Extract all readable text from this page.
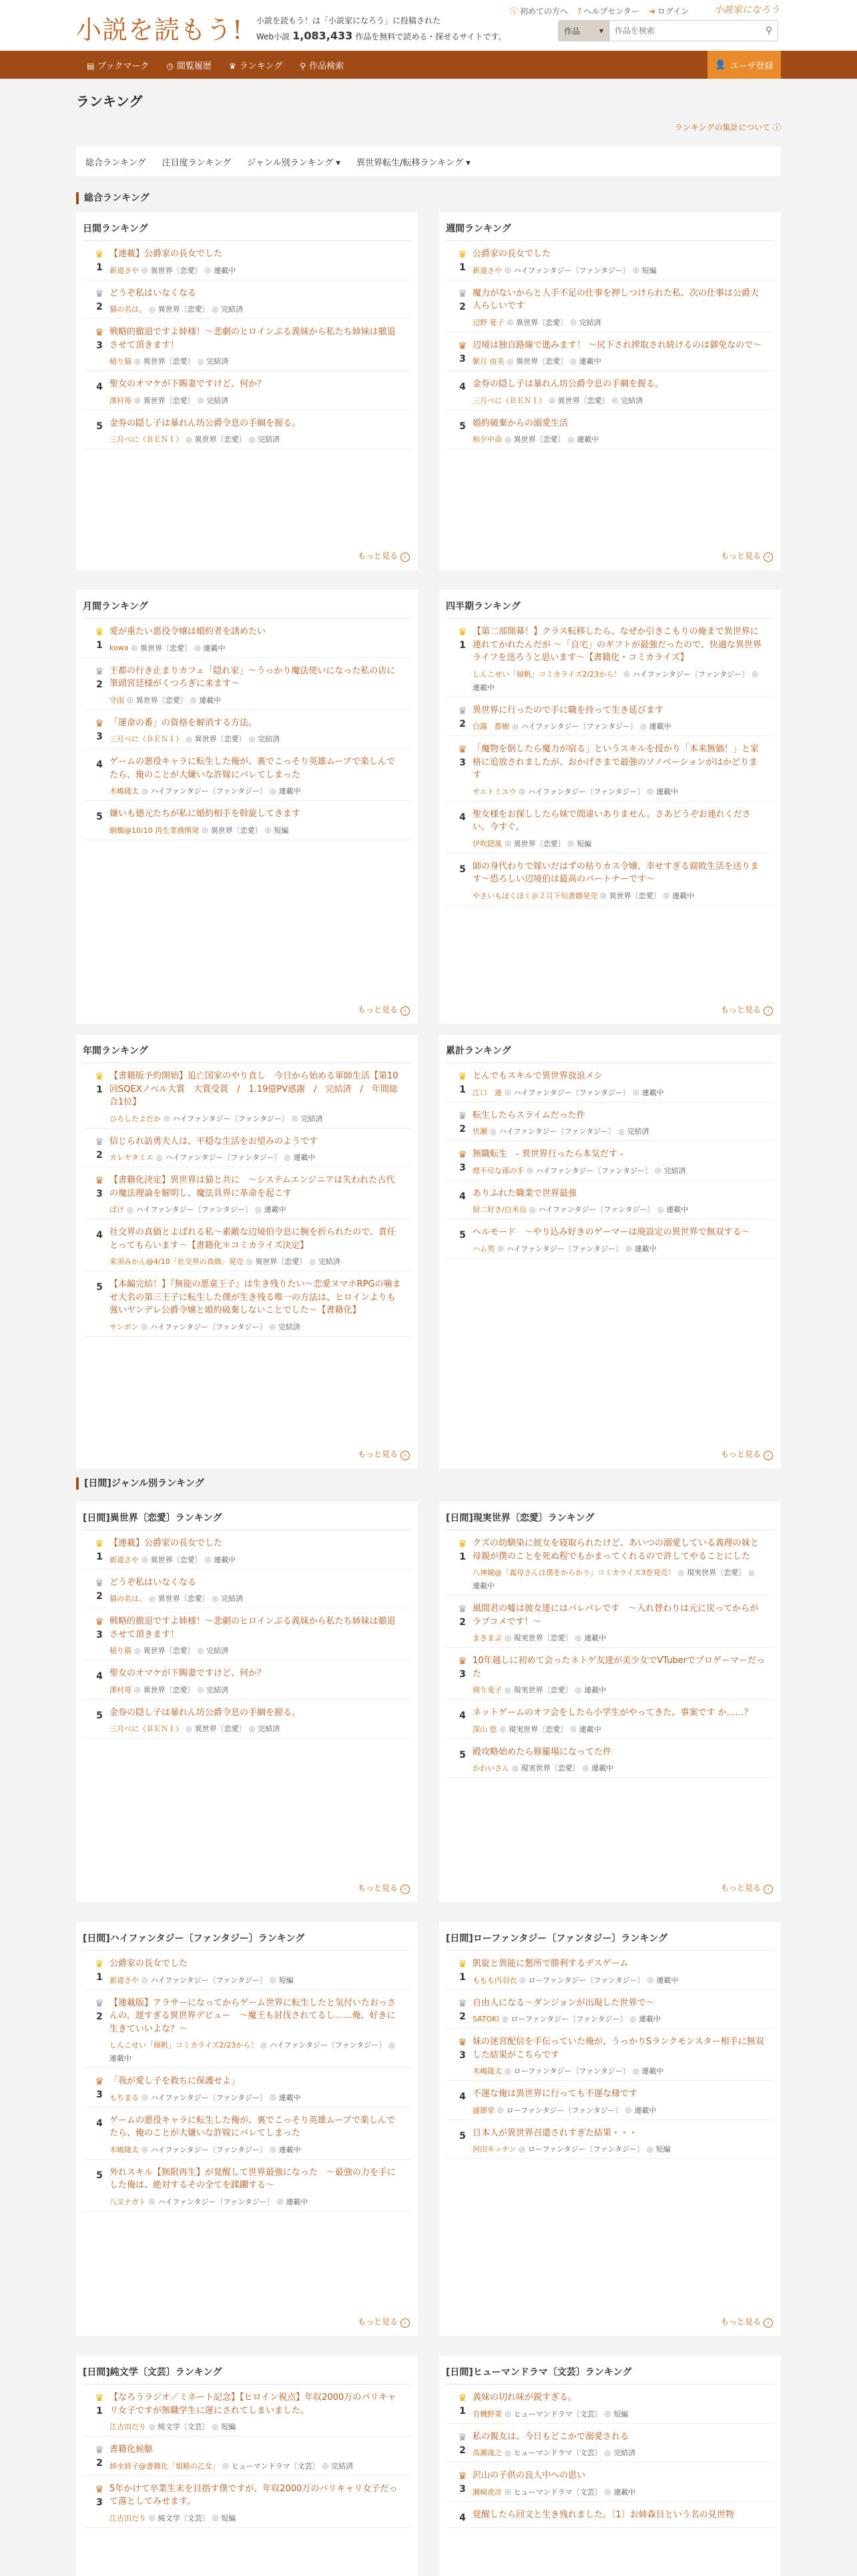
小説を読もう! 小説を読もう！は「小説家になろう」に投稿された
Web小説 1,083,433 作品を無料で読める・探せるサイトです。
ⓘ 初めての方へ ? ヘルプセンター ➜ ログイン	小説家になろう
作品 ▾
作品を検索	⚲
▤ ブックマーク ◷ 閲覧履歴 ♛ ランキング ⚲ 作品検索	👤 ユーザ登録
ランキング
ランキングの集計について ⓘ
総合ランキング 注目度ランキング ジャンル別ランキング ▾ 異世界転生/転移ランキング ▾
総合ランキング
[日間]ジャンル別ランキング
日間ランキング
♛
1
【連載】公爵家の長女でした
新道さや ◎ 異世界〔恋愛〕 ◎ 連載中
♛
2
どうぞ私はいなくなる
猫の名は。 ◎ 異世界〔恋愛〕 ◎ 完結済
♛
3
戦略的撤退ですよ姉様！〜悲劇のヒロインぶる義妹から私たち姉妹は撤退させて頂きます！
稲り猫 ◎ 異世界〔恋愛〕 ◎ 完結済
4 聖女のオマケが下賜妻ですけど、何か？
澤村苺 ◎ 異世界〔恋愛〕 ◎ 完結済
5 金券の隠し子は暴れん坊公爵令息の手綱を握る。
三月べに（ＢＥＮＩ） ◎ 異世界〔恋愛〕 ◎ 完結済
もっと見る ›
週間ランキング
♛
1
公爵家の長女でした
新道さや ◎ ハイファンタジー〔ファンタジー〕 ◎ 短編
♛
2
魔力がないからと人手不足の仕事を押しつけられた私、次の仕事は公爵夫人らしいです
辺野 夏子 ◎ 異世界〔恋愛〕 ◎ 完結済
♛
3
辺境は独自路線で進みます！ 〜尻下され搾取され続けるのは御免なので〜
紫月 由美 ◎ 異世界〔恋愛〕 ◎ 連載中
4 金券の隠し子は暴れん坊公爵令息の手綱を握る。
三月べに（ＢＥＮＩ） ◎ 異世界〔恋愛〕 ◎ 完結済
5 婚約破棄からの溺愛生活
和夕中命 ◎ 異世界〔恋愛〕 ◎ 連載中
もっと見る ›
月間ランキング
♛
1
愛が重たい悪役令嬢は婚約者を誘めたい
kowa ◎ 異世界〔恋愛〕 ◎ 連載中
♛
2
王都の行き止まりカフェ「隠れ家」〜うっかり魔法使いになった私の店に筆頭宮廷様がくつろぎに来ます〜
守雨 ◎ 異世界〔恋愛〕 ◎ 連載中
♛
3
「運命の番」の資格を解消する方法。
三月べに（ＢＥＮＩ） ◎ 異世界〔恋愛〕 ◎ 完結済
4 ゲームの悪役キャラに転生した俺が、裏でこっそり英雄ムーブで楽しんでたら、俺のことが大嫌いな許嫁にバレてしまった
木嶋隆太 ◎ ハイファンタジー〔ファンタジー〕 ◎ 連載中
5 嫌いも徳元たちが私に婚約相手を斡旋してきます
網蜘@10/10 再生業務開発 ◎ 異世界〔恋愛〕 ◎ 短編
もっと見る ›
四半期ランキング
♛
1
【第二部開幕！】クラス転移したら、なぜか引きこもりの俺まで異世界に連れてかれたんだが 〜「自宅」のギフトが最強だったので、快適な異世界ライフを送ろうと思います〜【書籍化・コミカライズ】
しんこせい「傾帆」コミカライズ2/23から！ ◎ ハイファンタジー〔ファンタジー〕 ◎
連載中
♛
2
異世界に行ったので手に職を持って生き延びます
白露　都樹 ◎ ハイファンタジー〔ファンタジー〕 ◎ 連載中
♛
3
「魔物を倒したら魔力が宿る」というスキルを授かり「本来無価！」と家格に追放されましたが、おかげさまで最強のソノベーションがはかどります
サエトミユウ ◎ ハイファンタジー〔ファンタジー〕 ◎ 連載中
4 聖女様をお探ししたら妹で間違いありません。さあどうぞお連れください。今すぐ。
伊吹隠風 ◎ 異世界〔恋愛〕 ◎ 短編
5 師の身代わりで嫁いだはずの枯りカス令嬢、幸せすぎる腐敗生活を送ります〜恐ろしい辺境伯は最高のパートナーです〜
やさいもほくほく＠２月下旬書籍発売 ◎ 異世界〔恋愛〕 ◎ 連載中
もっと見る ›
年間ランキング
♛
1
【書籍版予約開始】追亡国家のやり直し　今日から始める軍師生活【第10回SQEXノベル大賞　大賞受賞　/　1.19億PV感謝　/　完結済　/　年間総合1位】
ひろしたよだか ◎ ハイファンタジー〔ファンタジー〕 ◎ 完結済
♛
2
信じられ訪勇夫人は、平穏な生活をお望みのようです
カレヤタミエ ◎ ハイファンタジー〔ファンタジー〕 ◎ 連載中
♛
3
【書籍化決定】異世界は猫と共に　〜システムエンジニアは失われた古代の魔法理論を解明し、魔法具界に革命を起こす
ばけ ◎ ハイファンタジー〔ファンタジー〕 ◎ 連載中
4 社交界の真価とよばれる私〜素敵な辺境伯令息に腕を折られたので、責任とってもらいます〜【書籍化＊コミカライズ決定】
来須みかん@4/10「社交界の真価」発売 ◎ 異世界〔恋愛〕 ◎ 完結済
5 【本編完結！】『無能の悪童王子』は生き残りたい〜恋愛ヌマホRPGの噛ませ大名の第三王子に転生した僕が生き残る唯一の方法は、ヒロインよりも強いヤンデレ公爵令嬢と婚約破棄しないことでした〜【書籍化】
サンボン ◎ ハイファンタジー〔ファンタジー〕 ◎ 完結済
もっと見る ›
累計ランキング
♛
1
とんでもスキルで異世界放浪メシ
江口　連 ◎ ハイファンタジー〔ファンタジー〕 ◎ 連載中
♛
2
転生したらスライムだった件
伏瀬 ◎ ハイファンタジー〔ファンタジー〕 ◎ 完結済
♛
3
無職転生　- 異世界行ったら本気だす -
理不尽な孫の手 ◎ ハイファンタジー〔ファンタジー〕 ◎ 完結済
4 ありふれた職業で世界最強
厨二好き/白米良 ◎ ハイファンタジー〔ファンタジー〕 ◎ 連載中
5 ヘルモード　〜やり込み好きのゲーマーは廃設定の異世界で無双する〜
ハム男 ◎ ハイファンタジー〔ファンタジー〕 ◎ 連載中
もっと見る ›
[日間]異世界〔恋愛〕ランキング
♛
1
【連載】公爵家の長女でした
新道さや ◎ 異世界〔恋愛〕 ◎ 連載中
♛
2
どうぞ私はいなくなる
猫の名は。 ◎ 異世界〔恋愛〕 ◎ 完結済
♛
3
戦略的撤退ですよ姉様！〜悲劇のヒロインぶる義妹から私たち姉妹は撤退させて頂きます！
稲り猫 ◎ 異世界〔恋愛〕 ◎ 完結済
4 聖女のオマケが下賜妻ですけど、何か？
澤村苺 ◎ 異世界〔恋愛〕 ◎ 完結済
5 金券の隠し子は暴れん坊公爵令息の手綱を握る。
三月べに（ＢＥＮＩ） ◎ 異世界〔恋愛〕 ◎ 完結済
もっと見る ›
[日間]現実世界〔恋愛〕ランキング
♛
1
クズの幼馴染に彼女を寝取られたけど、あいつの溺愛している義理の妹と母親が僕のことを死ぬ程でもかまってくれるので許してやることにした
八神鏡@「義母さんは僕をからかう」コミカライズ3巻発売！ ◎ 現実世界〔恋愛〕 ◎
連載中
♛
2
風間君の嘘は彼女達にはバレバレです　〜入れ替わりは元に戻ってからがラブコメです！〜
まきまぶ ◎ 現実世界〔恋愛〕 ◎ 連載中
♛
3
10年越しに初めて会ったネトゲ友達が美少女でVTuberでプロゲーマーだった
剣り兎子 ◎ 現実世界〔恋愛〕 ◎ 連載中
4 ネットゲームのオフ会をしたら小学生がやってきた。事案です か……？
深山 悠 ◎ 現実世界〔恋愛〕 ◎ 連載中
5 殿攻略始めたら修羅場になってた件
かわいさん ◎ 現実世界〔恋愛〕 ◎ 連載中
もっと見る ›
[日間]ハイファンタジー〔ファンタジー〕ランキング
♛
1
公爵家の長女でした
新道さや ◎ ハイファンタジー〔ファンタジー〕 ◎ 短編
♛
2
【連載版】アラサーになってからゲーム世界に転生したと気付いたおっさんの、遅すぎる異世界デビュー　〜魔王も討伐されてるし……俺、好きに生きていいよな？〜
しんこせい「傾帆」コミカライズ2/23から！ ◎ ハイファンタジー〔ファンタジー〕 ◎
連載中
♛
3
「我が愛し子を救ちに保護せよ」
もちまる ◎ ハイファンタジー〔ファンタジー〕 ◎ 連載中
4 ゲームの悪役キャラに転生した俺が、裏でこっそり英雄ムーブで楽しんでたら、俺のことが大嫌いな許嫁にバレてしまった
木嶋隆太 ◎ ハイファンタジー〔ファンタジー〕 ◎ 連載中
5 外れスキル【無限再生】が覚醒して世界最強になった　〜最強の力を手にした俺は、絶対するその全てを蹂躙する〜
八又ナガト ◎ ハイファンタジー〔ファンタジー〕 ◎ 連載中
もっと見る ›
[日間]ローファンタジー〔ファンタジー〕ランキング
♛
1
凱旋と異能に懇所で勝利するデスゲーム
ももも内羽衣 ◎ ローファンタジー〔ファンタジー〕 ◎ 連載中
♛
2
自由人になる〜ダンジョンが出現した世界で〜
SATOKI ◎ ローファンタジー〔ファンタジー〕 ◎ 連載中
♛
3
妹の迷宮配信を手伝っていた俺が、うっかりSランクモンスター相手に無双した結果がこちらです
木嶋隆太 ◎ ローファンタジー〔ファンタジー〕 ◎ 連載中
4 不運な俺は異世界に行っても不運な様です
謎御堂 ◎ ローファンタジー〔ファンタジー〕 ◎ 連載中
5 日本人が異世界召還されすぎた結果・・・
何田キッチン ◎ ローファンタジー〔ファンタジー〕 ◎ 短編
もっと見る ›
[日間]純文学〔文芸〕ランキング
♛
1
【なろうラジオ／ミネート記念】【ヒロイン視点】年収2000万のバリキャリ女子ですが無職学生に運にされてしまいました。
江古田だり ◎ 純文学〔文芸〕 ◎ 短編
♛
2
書籍化候駆
姉水姉子@書籍化「姐略の乙女」 ◎ ヒューマンドラマ〔文芸〕 ◎ 完結済
♛
3
5年かけて卒業生末を目指す僕ですが、年収2000万のバリキャリ女子だって落としてみせます。
江古田だり ◎ 純文学〔文芸〕 ◎ 短編
[日間]ヒューマンドラマ〔文芸〕ランキング
♛
1
義妹の切れ味が鋭すぎる。
有機野菜 ◎ ヒューマンドラマ〔文芸〕 ◎ 短編
♛
2
私の親友は、今日もどこかで溺愛される
高瀬滝之 ◎ ヒューマンドラマ〔文芸〕 ◎ 完結済
♛
3
沢山の子供の良人中への思い
瀬崎虎彦 ◎ ヒューマンドラマ〔文芸〕 ◎ 連載中
4 覚醒したら回文と生き残れました。〔1〕お姉森目という名の見世物
